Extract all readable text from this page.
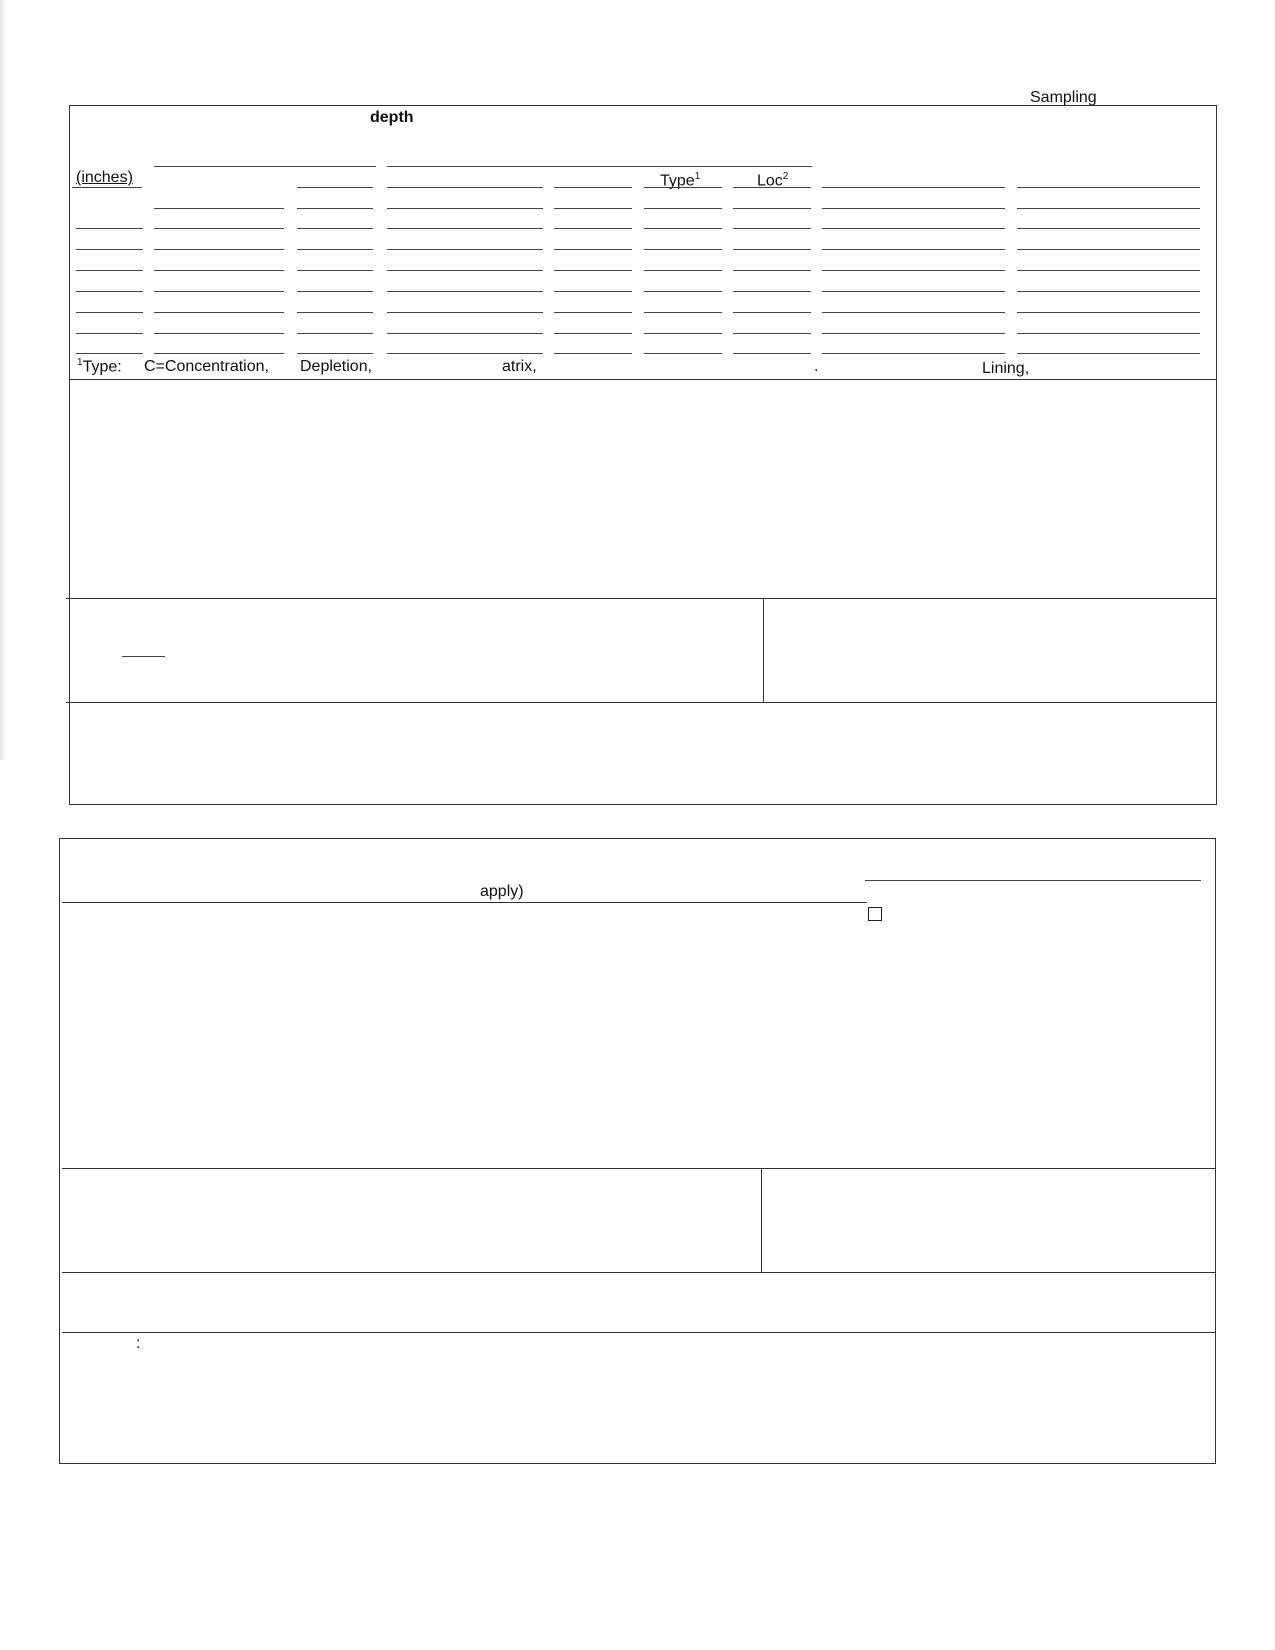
Sampling
depth
(inches)	Type$^1$	Loc$^2$
$^1$Type: C=Concentration, Depletion,	atrix,	.	Lining,
apply)
:
